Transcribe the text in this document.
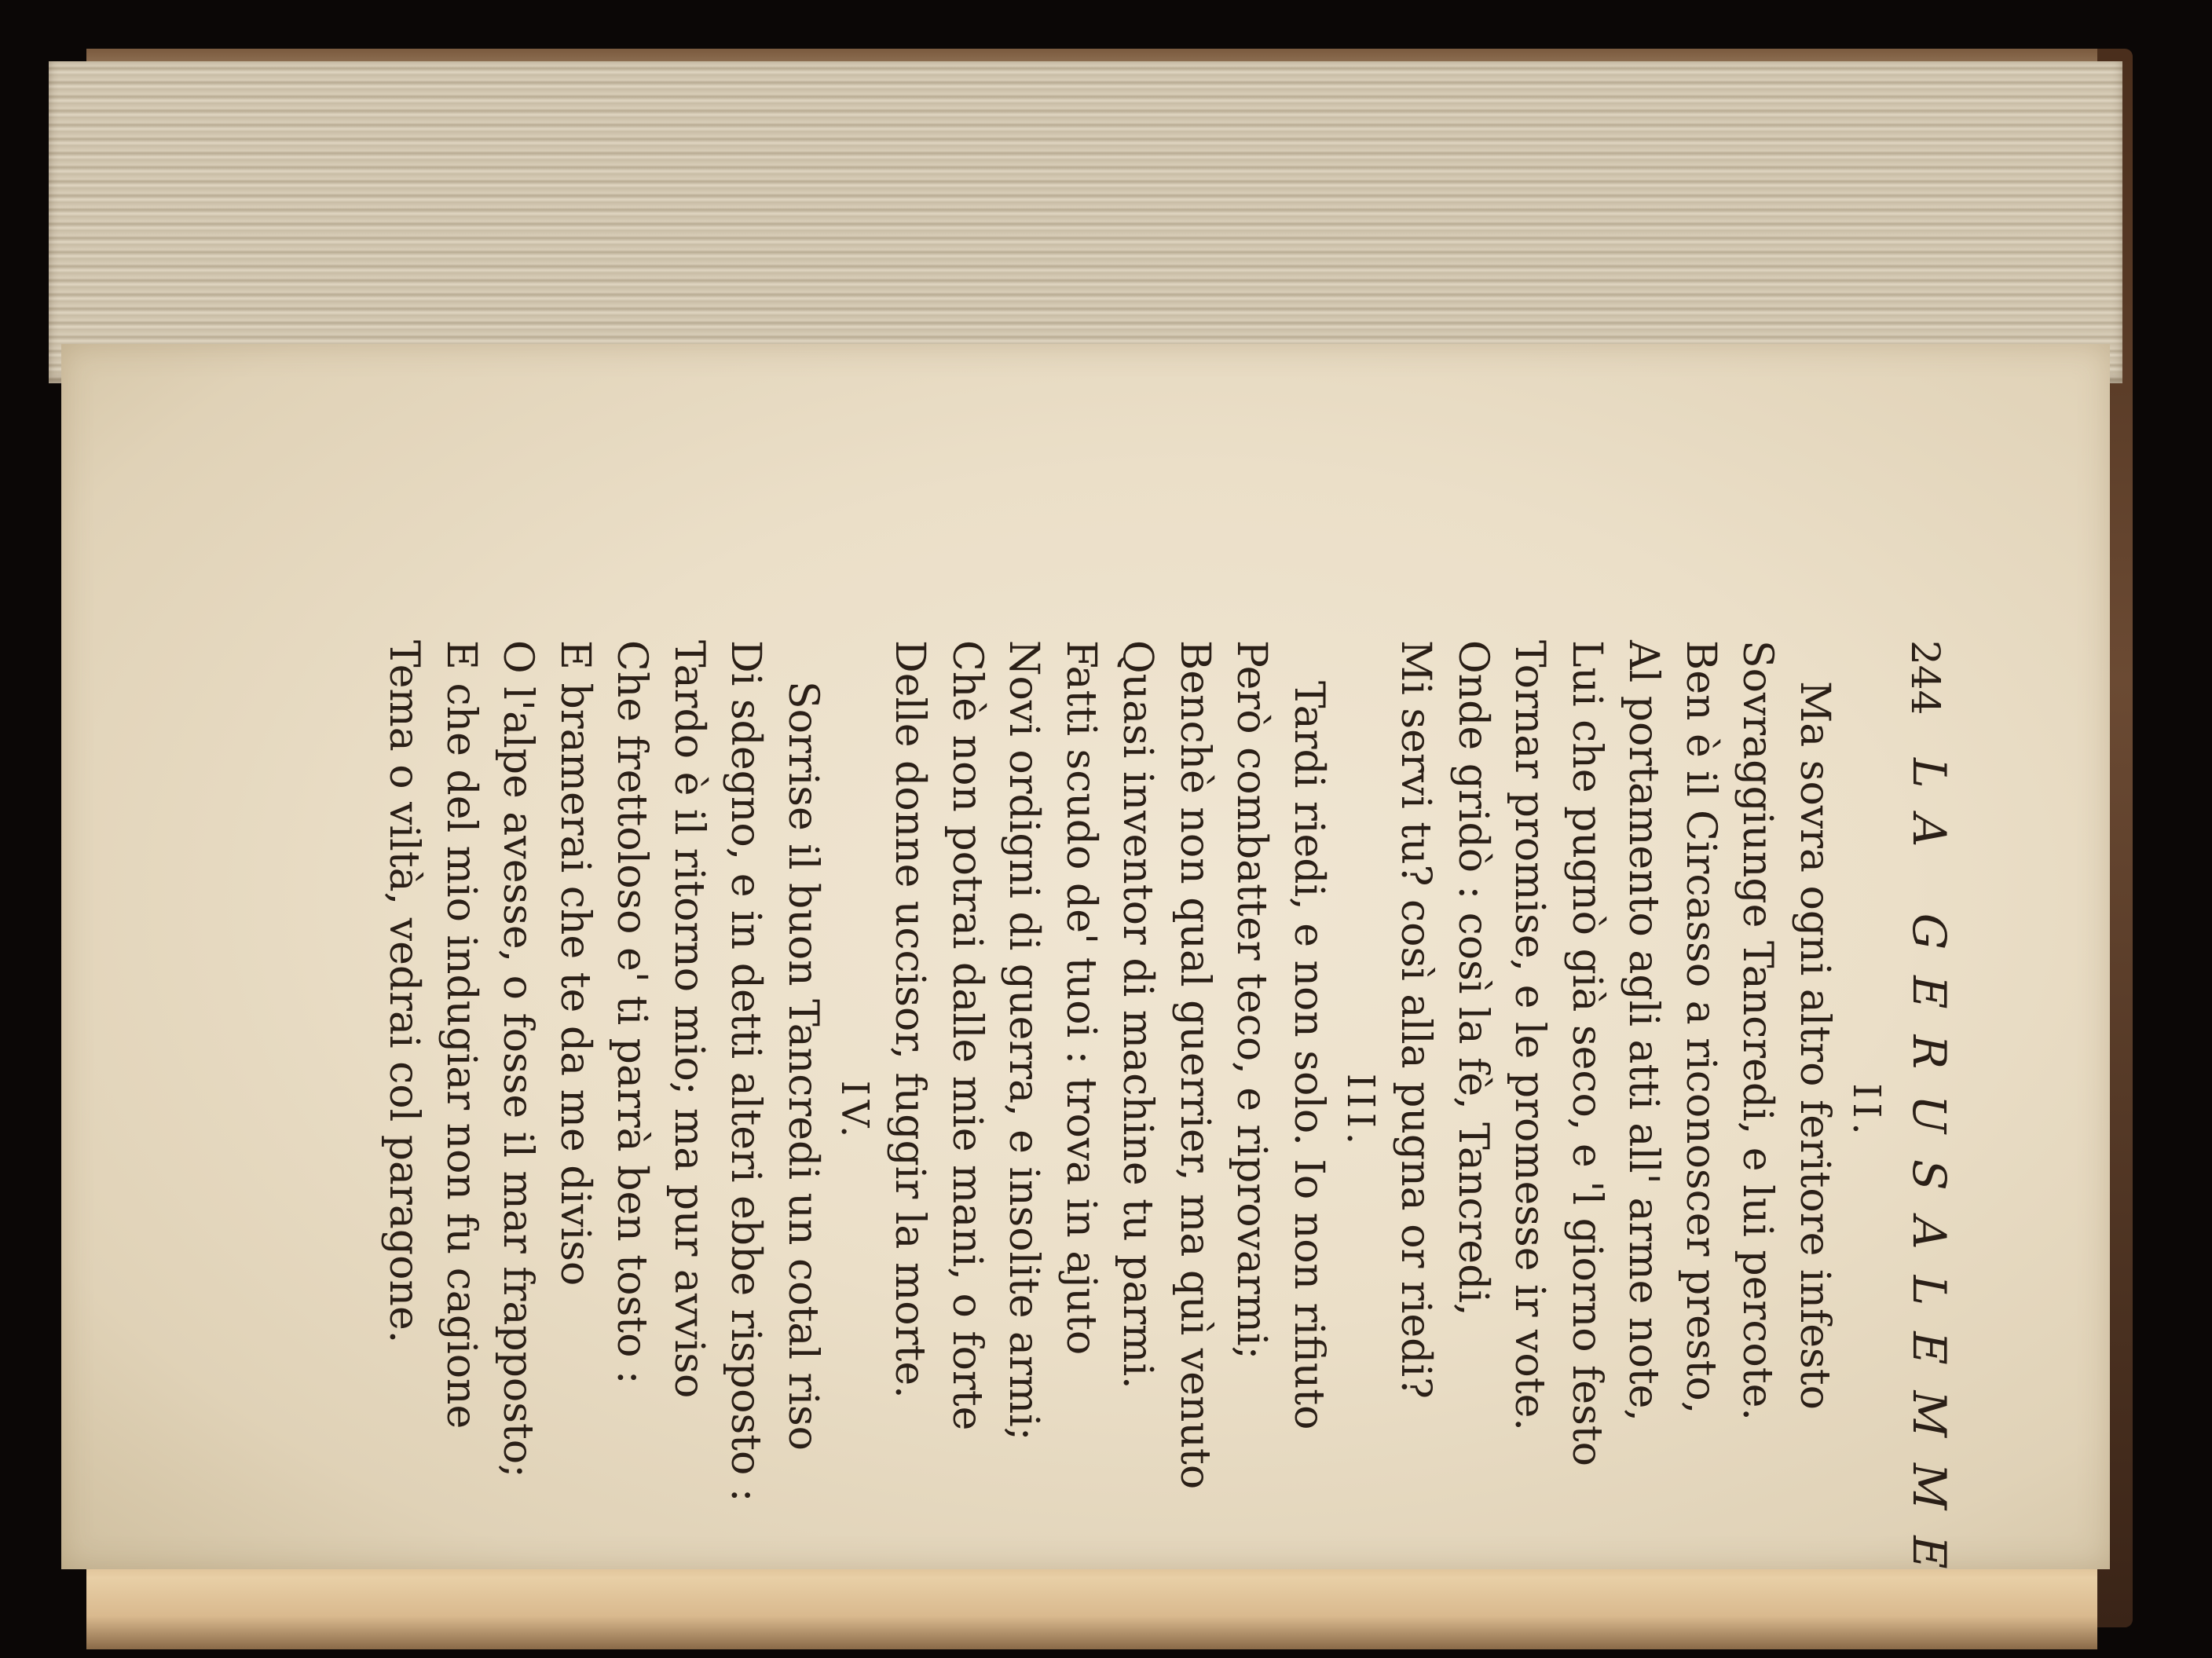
244
LA GERUSALEMME
II.
Ma sovra ogni altro feritore infesto
Sovraggiunge Tancredi, e lui percote.
Ben è il Circasso a riconoscer presto,
Al portamento agli atti all' arme note,
Lui che pugnò già seco, e 'l giorno festo
Tornar promise, e le promesse ir vote.
Onde gridò : così la fè, Tancredi,
Mi servi tu? così alla pugna or riedi?
III.
Tardi riedi, e non solo. Io non rifiuto
Però combatter teco, e riprovarmi;
Benchè non qual guerrier, ma quì venuto
Quasi inventor di machine tu parmi.
Fatti scudo de' tuoi : trova in ajuto
Novi ordigni di guerra, e insolite armi;
Chè non potrai dalle mie mani, o forte
Delle donne uccisor, fuggir la morte.
IV.
Sorrise il buon Tancredi un cotal riso
Di sdegno, e in detti alteri ebbe risposto :
Tardo è il ritorno mio; ma pur avviso
Che frettoloso e' ti parrà ben tosto :
E bramerai che te da me diviso
O l'alpe avesse, o fosse il mar frapposto;
E che del mio indugiar non fu cagione
Tema o viltà, vedrai col paragone.
